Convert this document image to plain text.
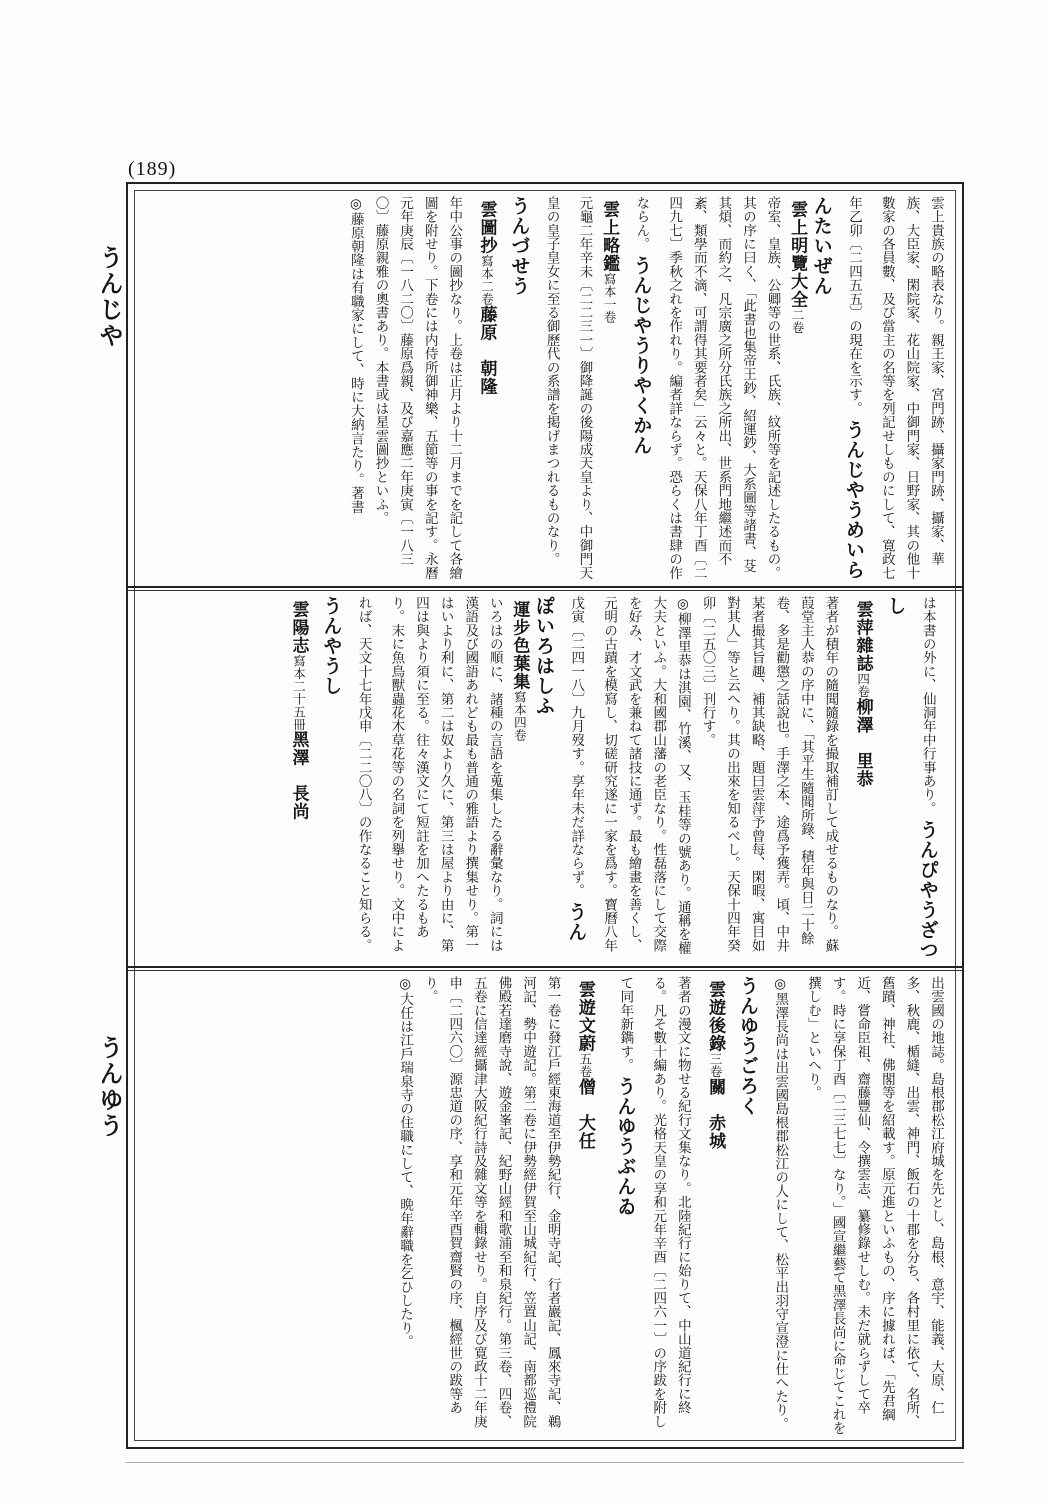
(189)
うんじや
うんゆう
雲上貴族の略表なり。親王家、宮門跡、攝家門跡、攝家、華族、大臣家、閑院家、花山院家、中御門家、日野家、其の他十數家の各員數、及び當主の名等を列記せしものにして、寛政七年乙卯〔二四五五〕の現在を示す。 うんじやうめいらんたいぜん
雲上明覽大全二卷
帝室、皇族、公卿等の世系、氏族、紋所等を記述したるもの。其の序に曰く、「此書也集帝王鈔、紹運鈔、大系圖等諸書、芟其煩、而約之、凡宗廣之所分氏族之所出、世系門地繼述而不紊、類學而不滴、可謂得其要者矣」云々と。天保八年丁酉〔二四九七〕季秋之れを作れり。編者詳ならず。恐らくは書肆の作ならん。 うんじやうりやくかん
雲上略鑑寫本一卷
元龜二年辛未〔二二三一〕御降誕の後陽成天皇より、中御門天皇の皇子皇女に至る御歷代の系譜を掲げまつれるものなり。 うんづせう
雲圖抄寫本二卷藤原　朝隆
年中公事の圖抄なり。上卷は正月より十二月までを記して各繪圖を附せり。下卷には内侍所御神樂、五節等の事を記す。永曆元年庚辰〔一八二〇〕藤原爲親、及び嘉應二年庚寅〔一八三〇〕藤原親雅の奧書あり。本書或は星雲圖抄といふ。
◎藤原朝隆は有職家にして、時に大納言たり。著書
は本書の外に、仙洞年中行事あり。 うんぴやうざつし
雲萍雜誌四卷柳澤　里恭
著者が積年の隨聞隨錄を撮取補訂して成せるものなり。蘇葭堂主人恭の序中に、「其平生隨聞所錄、積年與日二十餘卷、多是勸懲之話說也。手澤之本、途爲予獲弄。頃、中井某者撮其旨趣、補其缺略、題曰雲萍予曾每、閑暇、寓目如對其人」等と云へり。其の出來を知るべし。天保十四年癸卯〔二五〇三〕刊行す。
◎柳澤里恭は淇園、竹溪、又、玉桂等の號あり。通稱を權大夫といふ。大和國郡山藩の老臣なり。性磊落にして交際を好み、才文武を兼ねて諸技に通ず。最も繪畫を善くし、元明の古蹟を模寫し、切磋研究遂に一家を爲す。寶曆八年戊寅〔二四一八〕九月歿す。享年未だ詳ならず。 うんぽいろはしふ
運步色葉集寫本四卷
いろはの順に、諸種の言語を蒐集したる辭彙なり。詞には漢語及び國語あれども最も普通の雅語より撰集せり。第一はいより利に、第二は奴より久に、第三は屋より由に、第四は與より須に至る。往々漢文にて短註を加へたるもあり。末に魚鳥獸蟲花木草花等の名詞を列擧せり。文中によれば、天文十七年戊申〔二二〇八〕の作なること知らる。 うんやうし
雲陽志寫本二十五冊黑澤　長尚
出雲國の地誌。島根郡松江府城を先とし、島根、意宇、能義、大原、仁多、秋鹿、楯縫、出雲、神門、飯石の十郡を分ち、各村里に依て、名所、舊蹟、神社、佛閣等を紹載す。原元進といふもの、序に據れば、「先君綱近、嘗命臣祖、齋藤豐仙、令撰雲志、纂修錄せしむ。未だ就らずして卒す。時に享保丁酉〔二三七七〕なり。」國宣繼藝て黑澤長尚に命じてこれを撰しむ」といへり。
◎黑澤長尚は出雲國島根郡松江の人にして、松平出羽守宣澄に仕へたり。 うんゆうごろく
雲遊後錄三卷關　赤城
著者の漫文に物せる紀行文集なり。北陸紀行に始りて、中山道紀行に終る。凡そ數十編あり。光格天皇の享和元年辛酉〔二四六一〕の序跋を附して同年新鐫す。 うんゆうぶんゐ
雲遊文蔚五卷僧　大任
第一卷に發江戶經東海道至伊勢紀行、金明寺記、行者巖記、鳳來寺記、鵜河記、勢中遊記。第二卷に伊勢經伊賀至山城紀行、笠置山記、南都巡禮院佛殿若達磨寺說、遊金峯記、紀野山經和歌浦至和泉紀行。第三卷、四卷、五卷に信達經攝津大阪紀行詩及雜文等を輯錄せり。自序及び寛政十二年庚申〔二四六〇〕源忠道の序、享和元年辛酉賀齋賢の序、楓經世の跋等あり。
◎大任は江戶瑞泉寺の住職にして、晩年辭職を乞ひしたり。
